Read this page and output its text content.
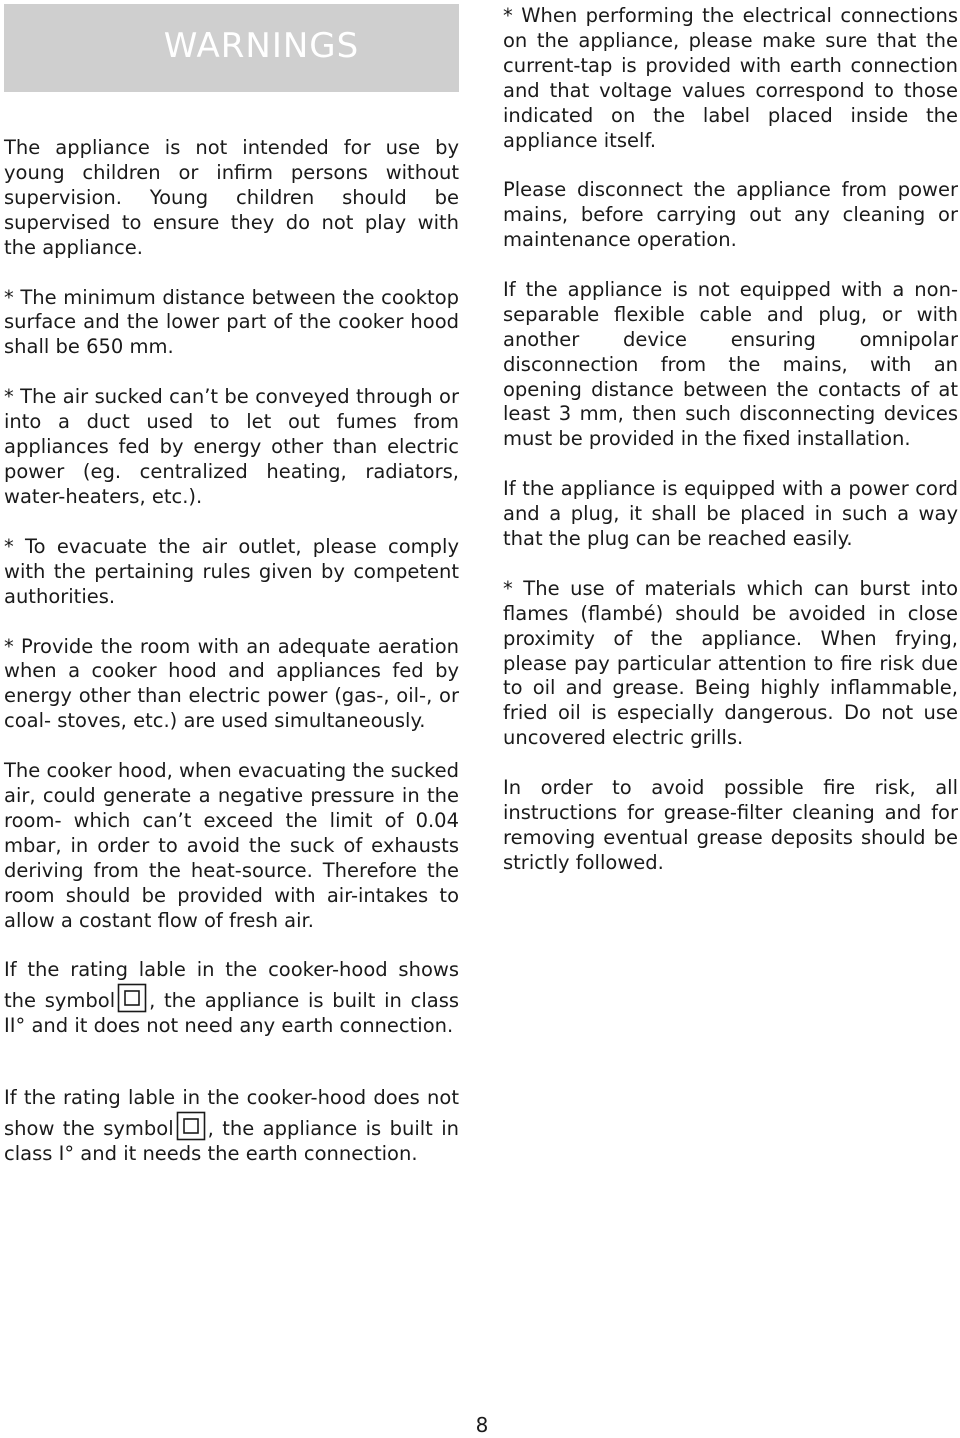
WARNINGS

The appliance is not intended for use by young children or infirm persons without supervision. Young children should be supervised to ensure they do not play with the appliance.

* The minimum distance between the cooktop surface and the lower part of the cooker hood shall be 650 mm.

* The air sucked can’t be conveyed through or into a duct used to let out fumes from appliances fed by energy other than electric power (eg. centralized heating, radiators, water-heaters, etc.).

* To evacuate the air outlet, please comply with the pertaining rules given by competent authorities.

* Provide the room with an adequate aeration when a cooker hood and appliances fed by energy other than electric power (gas-, oil-, or coal- stoves, etc.) are used simultaneously.

The cooker hood, when evacuating the sucked air, could generate a negative pressure in the room- which can’t exceed the limit of 0.04 mbar, in order to avoid the suck of exhausts deriving from the heat-source. Therefore the room should be provided with air-intakes to allow a costant flow of fresh air.

If the rating lable in the cooker-hood shows the symbol , the appliance is built in class II° and it does not need any earth connection.

If the rating lable in the cooker-hood does not show the symbol , the appliance is built in class I° and it needs the earth connection.

* When performing the electrical connections on the appliance, please make sure that the current-tap is provided with earth connection and that voltage values correspond to those indicated on the label placed inside the appliance itself.

Please disconnect the appliance from power mains, before carrying out any cleaning or maintenance operation.

If the appliance is not equipped with a non-separable flexible cable and plug, or with another device ensuring omnipolar disconnection from the mains, with an opening distance between the contacts of at least 3 mm, then such disconnecting devices must be provided in the fixed installation.

If the appliance is equipped with a power cord and a plug, it shall be placed in such a way that the plug can be reached easily.

* The use of materials which can burst into flames (flambé) should be avoided in close proximity of the appliance. When frying, please pay particular attention to fire risk due to oil and grease. Being highly inflammable, fried oil is especially dangerous. Do not use uncovered electric grills.

In order to avoid possible fire risk, all instructions for grease-filter cleaning and for removing eventual grease deposits should be strictly followed.

8
